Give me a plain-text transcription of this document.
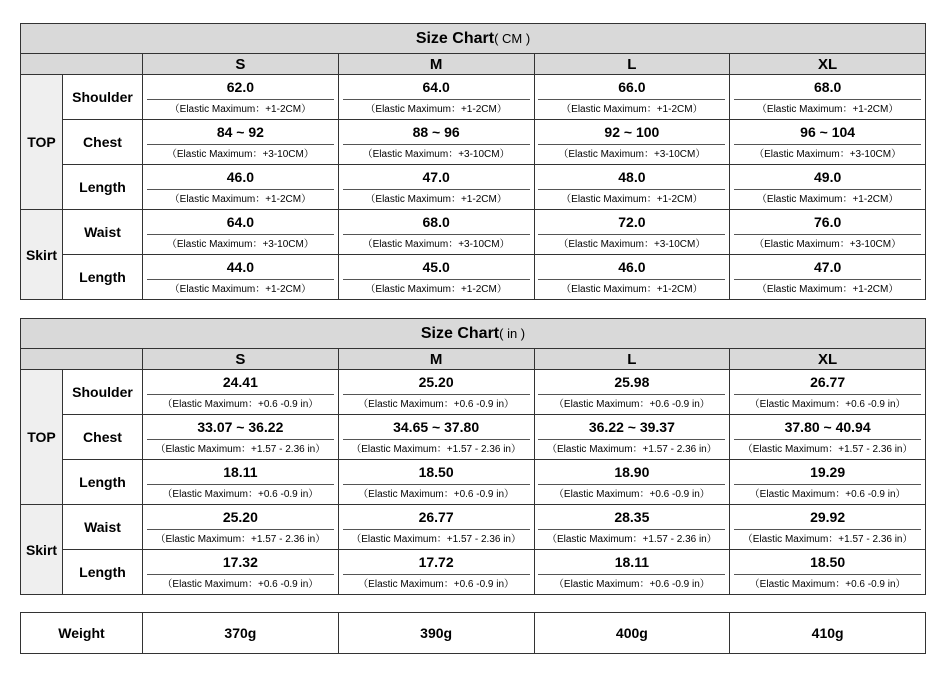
Size Chart( CM )					
		S	M	L	XL
TOP	Shoulder	62.0	64.0	66.0	68.0
		（Elastic Maximum：+1-2CM）	（Elastic Maximum：+1-2CM）	（Elastic Maximum：+1-2CM）	（Elastic Maximum：+1-2CM）
	Chest	84 ~ 92	88 ~ 96	92 ~ 100	96 ~ 104
		（Elastic Maximum：+3-10CM）	（Elastic Maximum：+3-10CM）	（Elastic Maximum：+3-10CM）	（Elastic Maximum：+3-10CM）
	Length	46.0	47.0	48.0	49.0
		（Elastic Maximum：+1-2CM）	（Elastic Maximum：+1-2CM）	（Elastic Maximum：+1-2CM）	（Elastic Maximum：+1-2CM）
Skirt	Waist	64.0	68.0	72.0	76.0
		（Elastic Maximum：+3-10CM）	（Elastic Maximum：+3-10CM）	（Elastic Maximum：+3-10CM）	（Elastic Maximum：+3-10CM）
	Length	44.0	45.0	46.0	47.0
		（Elastic Maximum：+1-2CM）	（Elastic Maximum：+1-2CM）	（Elastic Maximum：+1-2CM）	（Elastic Maximum：+1-2CM）
Size Chart( in )					
		S	M	L	XL
TOP	Shoulder	24.41	25.20	25.98	26.77
		（Elastic Maximum：+0.6 -0.9 in）	（Elastic Maximum：+0.6 -0.9 in）	（Elastic Maximum：+0.6 -0.9 in）	（Elastic Maximum：+0.6 -0.9 in）
	Chest	33.07 ~ 36.22	34.65 ~ 37.80	36.22 ~ 39.37	37.80 ~ 40.94
		（Elastic Maximum：+1.57 - 2.36 in）	（Elastic Maximum：+1.57 - 2.36 in）	（Elastic Maximum：+1.57 - 2.36 in）	（Elastic Maximum：+1.57 - 2.36 in）
	Length	18.11	18.50	18.90	19.29
		（Elastic Maximum：+0.6 -0.9 in）	（Elastic Maximum：+0.6 -0.9 in）	（Elastic Maximum：+0.6 -0.9 in）	（Elastic Maximum：+0.6 -0.9 in）
Skirt	Waist	25.20	26.77	28.35	29.92
		（Elastic Maximum：+1.57 - 2.36 in）	（Elastic Maximum：+1.57 - 2.36 in）	（Elastic Maximum：+1.57 - 2.36 in）	（Elastic Maximum：+1.57 - 2.36 in）
	Length	17.32	17.72	18.11	18.50
		（Elastic Maximum：+0.6 -0.9 in）	（Elastic Maximum：+0.6 -0.9 in）	（Elastic Maximum：+0.6 -0.9 in）	（Elastic Maximum：+0.6 -0.9 in）
Weight	370g	390g	400g	410g
